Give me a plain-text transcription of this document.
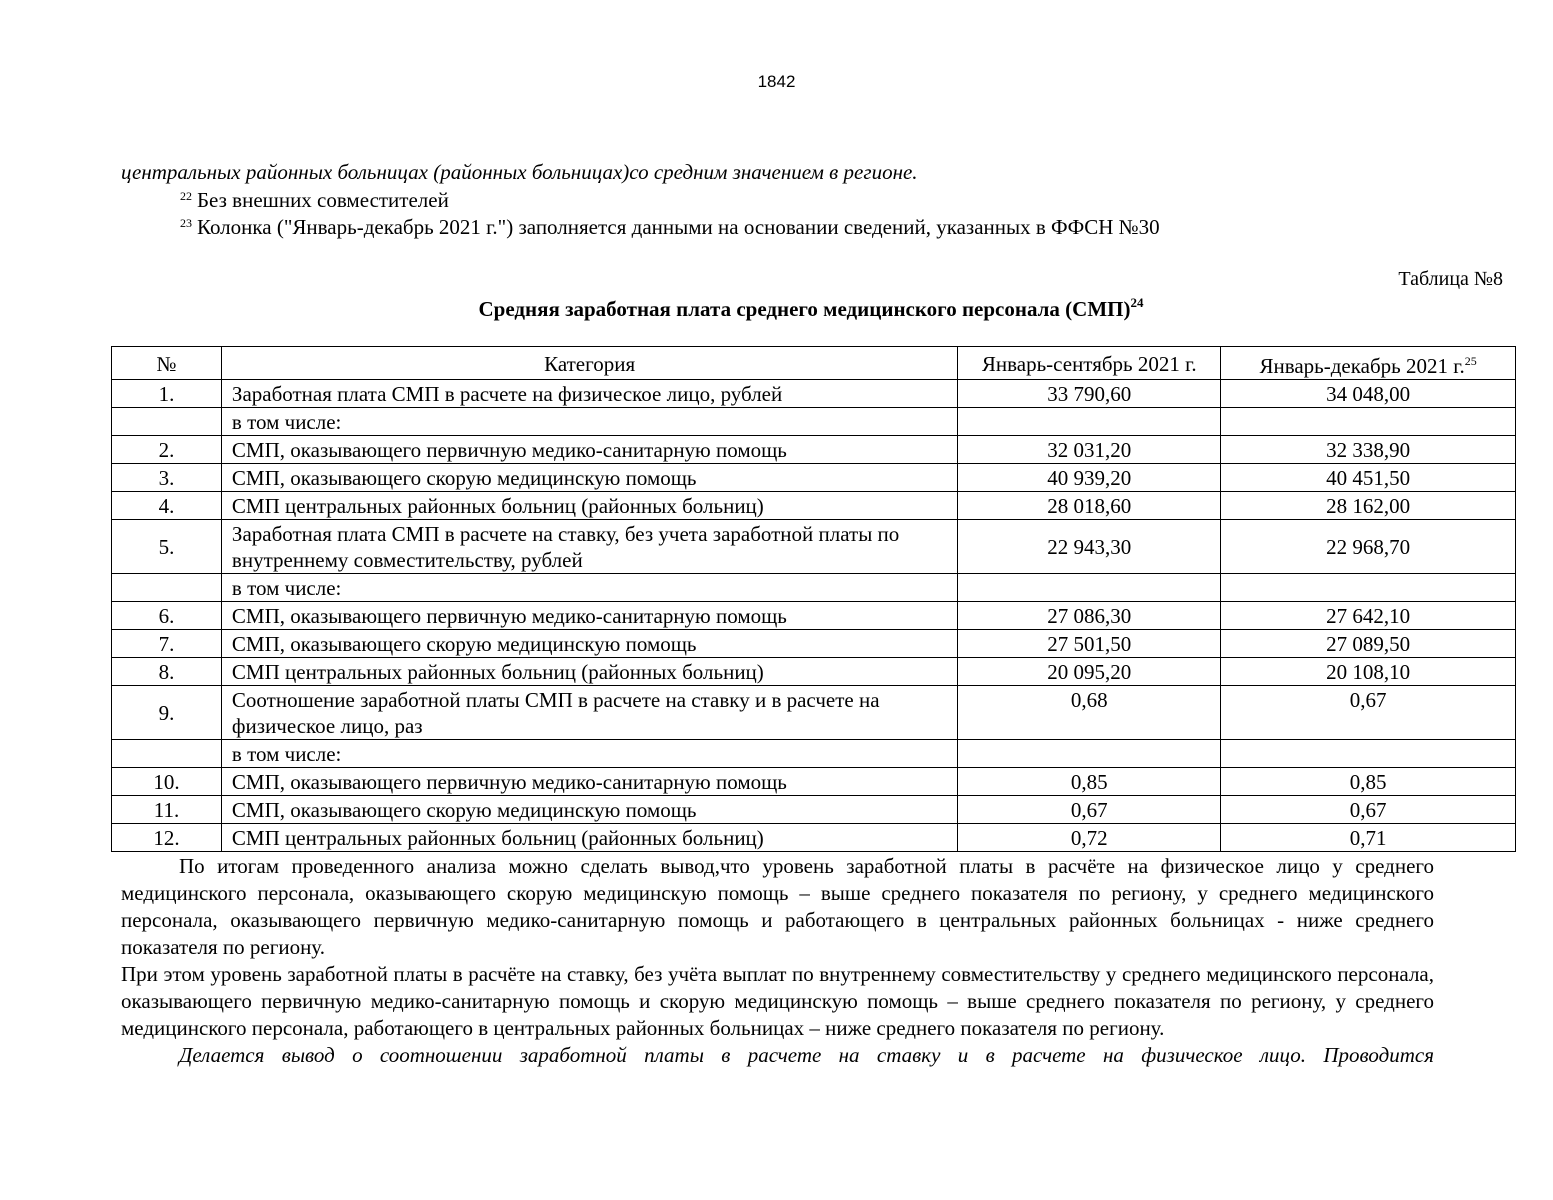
1842
центральных районных больницах (районных больницах)со средним значением в регионе.
$^{22}$ Без внешних совместителей
$^{23}$ Колонка ("Январь-декабрь 2021 г.") заполняется данными на основании сведений, указанных в ФФСН №30
Таблица №8
Средняя заработная плата среднего медицинского персонала (СМП)$^{24}$
№	Категория	Январь-сентябрь 2021 г.	Январь-декабрь 2021 г.$^{25}$
1.	Заработная плата СМП в расчете на физическое лицо, рублей	33 790,60	34 048,00
	в том числе:		
2.	СМП, оказывающего первичную медико-санитарную помощь	32 031,20	32 338,90
3.	СМП, оказывающего скорую медицинскую помощь	40 939,20	40 451,50
4.	СМП центральных районных больниц (районных больниц)	28 018,60	28 162,00
5.	Заработная плата СМП в расчете на ставку, без учета заработной платы по внутреннему совместительству, рублей	22 943,30	22 968,70
	в том числе:		
6.	СМП, оказывающего первичную медико-санитарную помощь	27 086,30	27 642,10
7.	СМП, оказывающего скорую медицинскую помощь	27 501,50	27 089,50
8.	СМП центральных районных больниц (районных больниц)	20 095,20	20 108,10
9.	Соотношение заработной платы СМП в расчете на ставку и в расчете на физическое лицо, раз	0,68	0,67
	в том числе:		
10.	СМП, оказывающего первичную медико-санитарную помощь	0,85	0,85
11.	СМП, оказывающего скорую медицинскую помощь	0,67	0,67
12.	СМП центральных районных больниц (районных больниц)	0,72	0,71

По итогам проведенного анализа можно сделать вывод,что уровень заработной платы в расчёте на физическое лицо у среднего медицинского персонала, оказывающего скорую медицинскую помощь – выше среднего показателя по региону, у среднего медицинского персонала, оказывающего первичную медико-санитарную помощь и работающего в центральных районных больницах - ниже среднего показателя по региону.

При этом уровень заработной платы в расчёте на ставку, без учёта выплат по внутреннему совместительству у среднего медицинского персонала, оказывающего первичную медико-санитарную помощь и скорую медицинскую помощь – выше среднего показателя по региону, у среднего медицинского персонала, работающего в центральных районных больницах – ниже среднего показателя по региону.

Делается вывод о соотношении заработной платы в расчете на ставку и в расчете на физическое лицо. Проводится
